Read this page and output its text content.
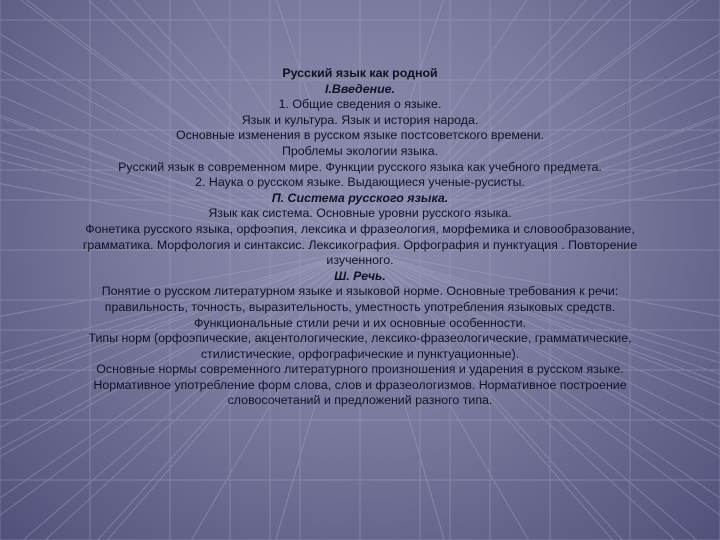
Русский язык как родной

I.Введение.

1. Общие сведения о языке.

Язык и культура. Язык и история народа.

Основные изменения в русском языке постсоветского времени.

Проблемы экологии языка.

Русский язык в современном мире. Функции русского языка как учебного предмета.

2. Наука о русском языке. Выдающиеся ученые-русисты.

П. Система русского языка.

Язык как система. Основные уровни русского языка.

Фонетика русского языка, орфоэпия, лексика и фразеология, морфемика и словообразование,

грамматика. Морфология и синтаксис. Лексикография. Орфография и пунктуация . Повторение

изученного.

Ш. Речь.

Понятие о русском литературном языке и языковой норме. Основные требования к речи:

правильность, точность, выразительность, уместность употребления языковых средств.

Функциональные стили речи и их основные особенности.

Типы норм (орфоэпические, акцентологические, лексико-фразеологические, грамматические,

стилистические, орфографические и пунктуационные).

Основные нормы современного литературного произношения и ударения в русском языке.

Нормативное употребление форм слова, слов и фразеологизмов. Нормативное построение

словосочетаний и предложений разного типа.
